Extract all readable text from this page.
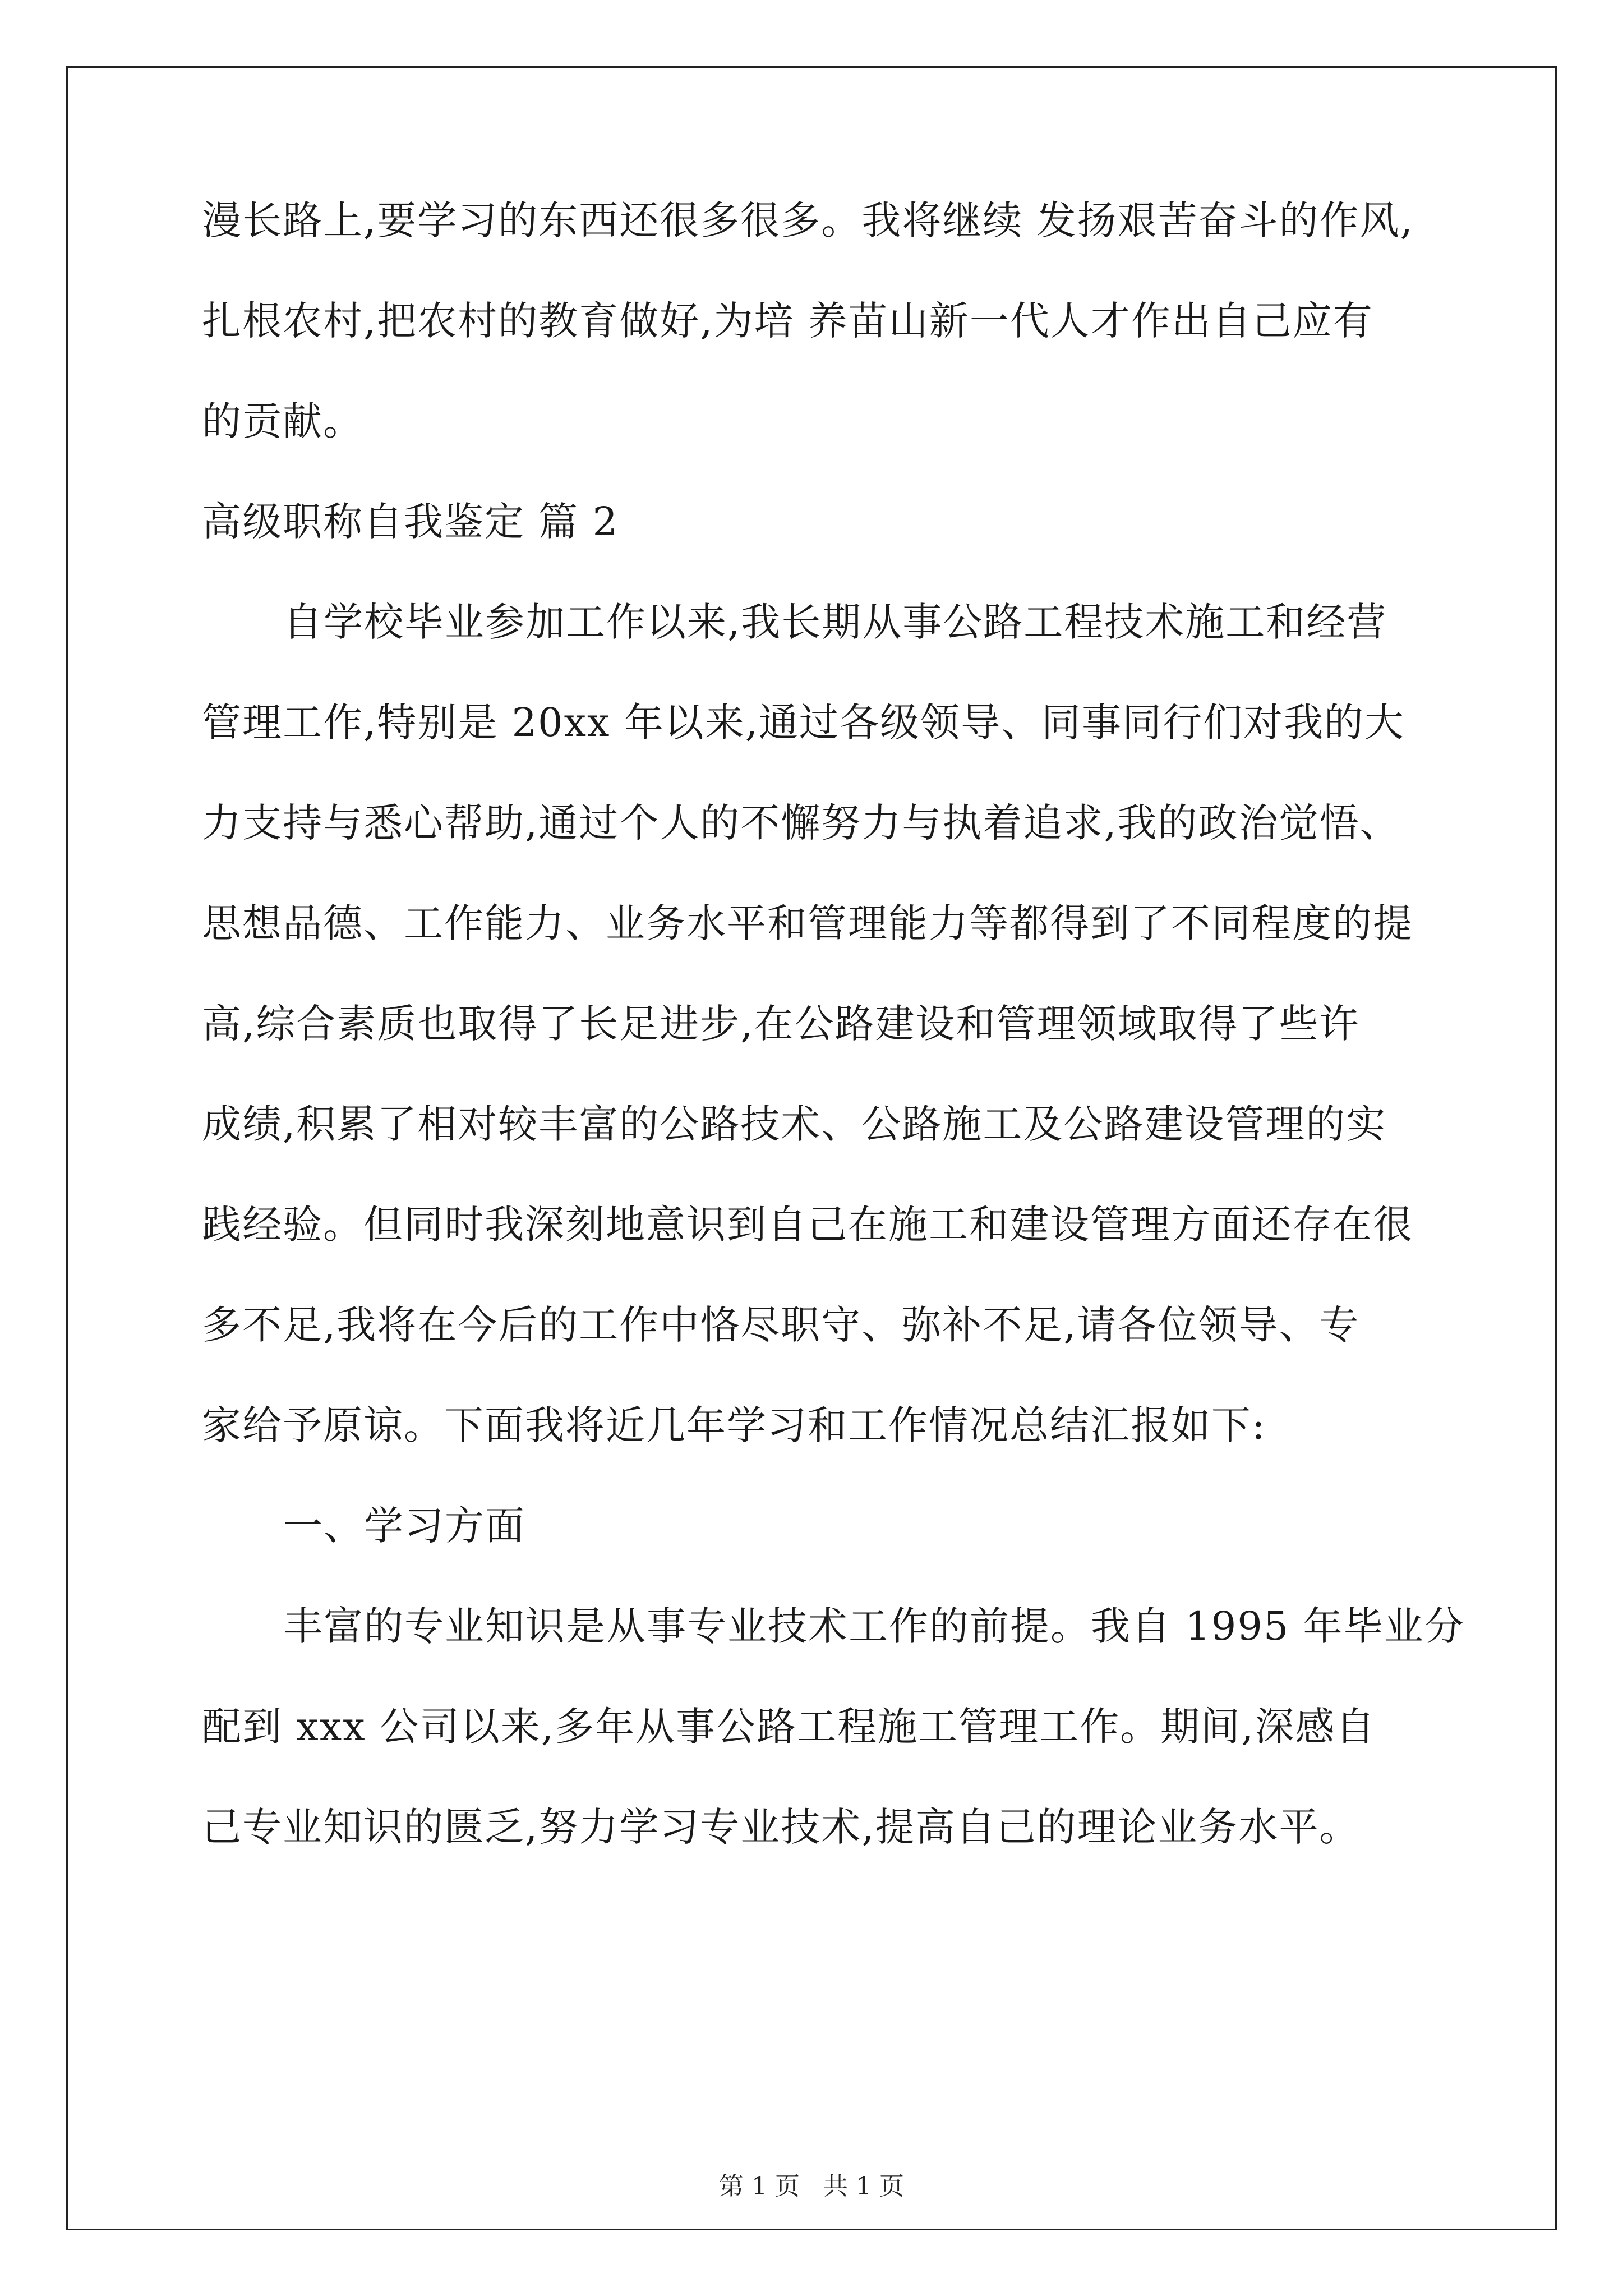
漫长路上,要学习的东西还很多很多。我将继续 发扬艰苦奋斗的作风,
扎根农村,把农村的教育做好,为培 养苗山新一代人才作出自己应有
的贡献。
高级职称自我鉴定 篇 2
自学校毕业参加工作以来,我长期从事公路工程技术施工和经营
管理工作,特别是 20xx 年以来,通过各级领导、同事同行们对我的大
力支持与悉心帮助,通过个人的不懈努力与执着追求,我的政治觉悟、
思想品德、工作能力、业务水平和管理能力等都得到了不同程度的提
高,综合素质也取得了长足进步,在公路建设和管理领域取得了些许
成绩,积累了相对较丰富的公路技术、公路施工及公路建设管理的实
践经验。但同时我深刻地意识到自己在施工和建设管理方面还存在很
多不足,我将在今后的工作中恪尽职守、弥补不足,请各位领导、专
家给予原谅。下面我将近几年学习和工作情况总结汇报如下:
一、学习方面
丰富的专业知识是从事专业技术工作的前提。我自 1995 年毕业分
配到 xxx 公司以来,多年从事公路工程施工管理工作。期间,深感自
己专业知识的匮乏,努力学习专业技术,提高自己的理论业务水平。
第 1 页 共 1 页
